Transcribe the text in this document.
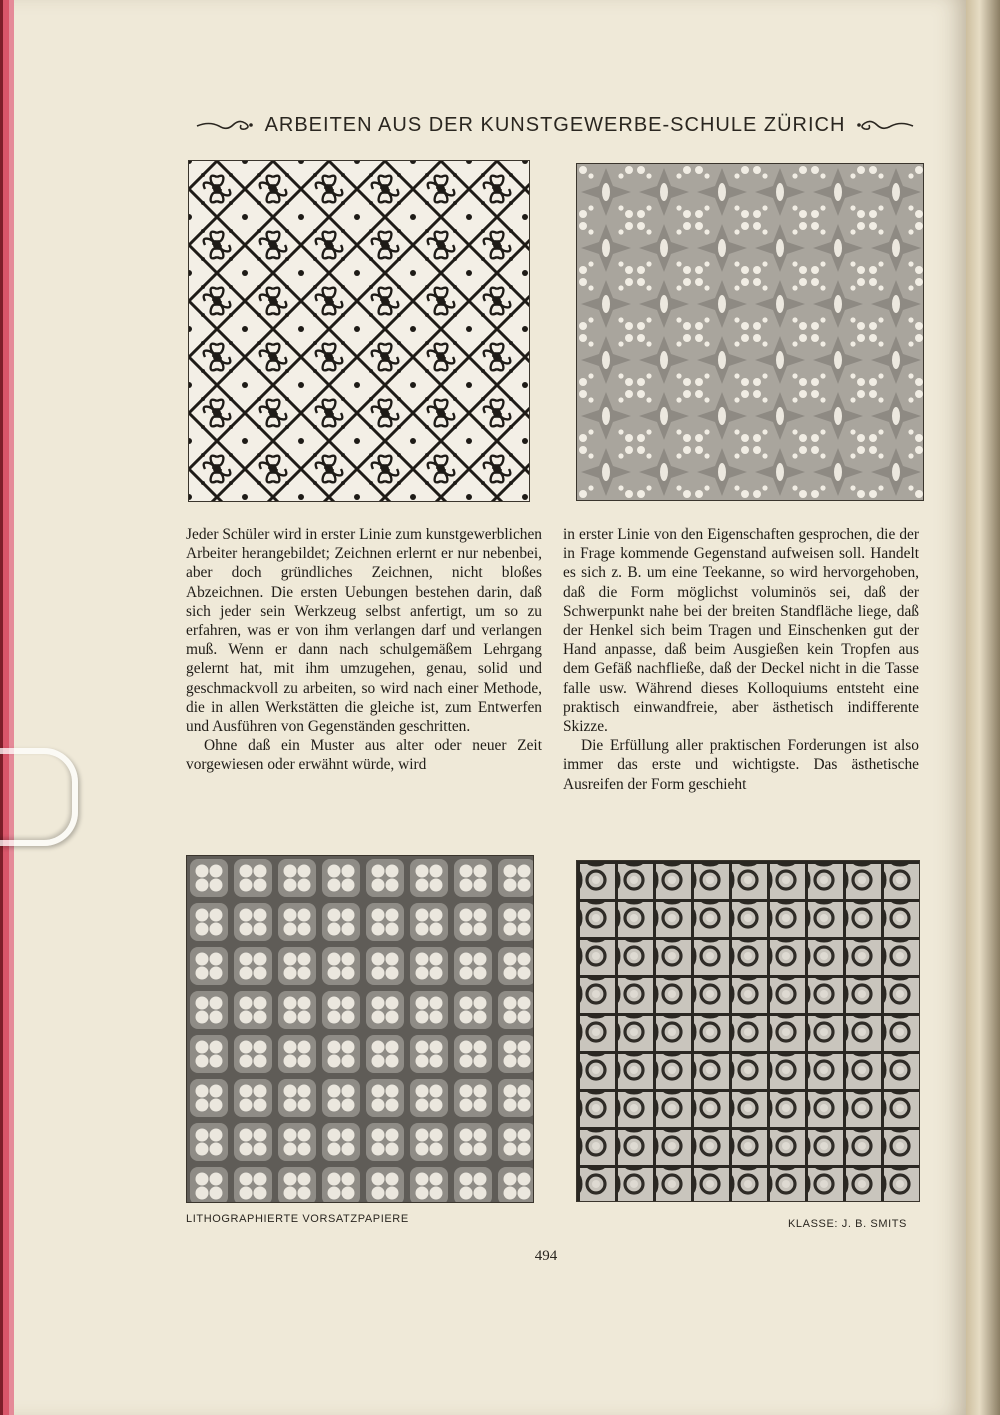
ARBEITEN AUS DER KUNSTGEWERBE-SCHULE ZÜRICH

Jeder Schüler wird in erster Linie zum kunstgewerblichen Arbeiter herangebildet; Zeichnen erlernt er nur nebenbei, aber doch gründliches Zeichnen, nicht bloßes Abzeichnen. Die ersten Uebungen bestehen darin, daß sich jeder sein Werkzeug selbst anfertigt, um so zu erfahren, was er von ihm verlangen darf und verlangen muß. Wenn er dann nach schulgemäßem Lehrgang gelernt hat, mit ihm umzugehen, genau, solid und geschmackvoll zu arbeiten, so wird nach einer Methode, die in allen Werkstätten die gleiche ist, zum Entwerfen und Ausführen von Gegenständen geschritten.

Ohne daß ein Muster aus alter oder neuer Zeit vorgewiesen oder erwähnt würde, wird

in erster Linie von den Eigenschaften gesprochen, die der in Frage kommende Gegenstand aufweisen soll. Handelt es sich z. B. um eine Teekanne, so wird hervorgehoben, daß die Form möglichst voluminös sei, daß der Schwerpunkt nahe bei der breiten Standfläche liege, daß der Henkel sich beim Tragen und Einschenken gut der Hand anpasse, daß beim Ausgießen kein Tropfen aus dem Gefäß nachfließe, daß der Deckel nicht in die Tasse falle usw. Während dieses Kolloquiums entsteht eine praktisch einwandfreie, aber ästhetisch indifferente Skizze.

Die Erfüllung aller praktischen Forderungen ist also immer das erste und wichtigste. Das ästhetische Ausreifen der Form geschieht

LITHOGRAPHIERTE VORSATZPAPIERE	KLASSE: J. B. SMITS
494
